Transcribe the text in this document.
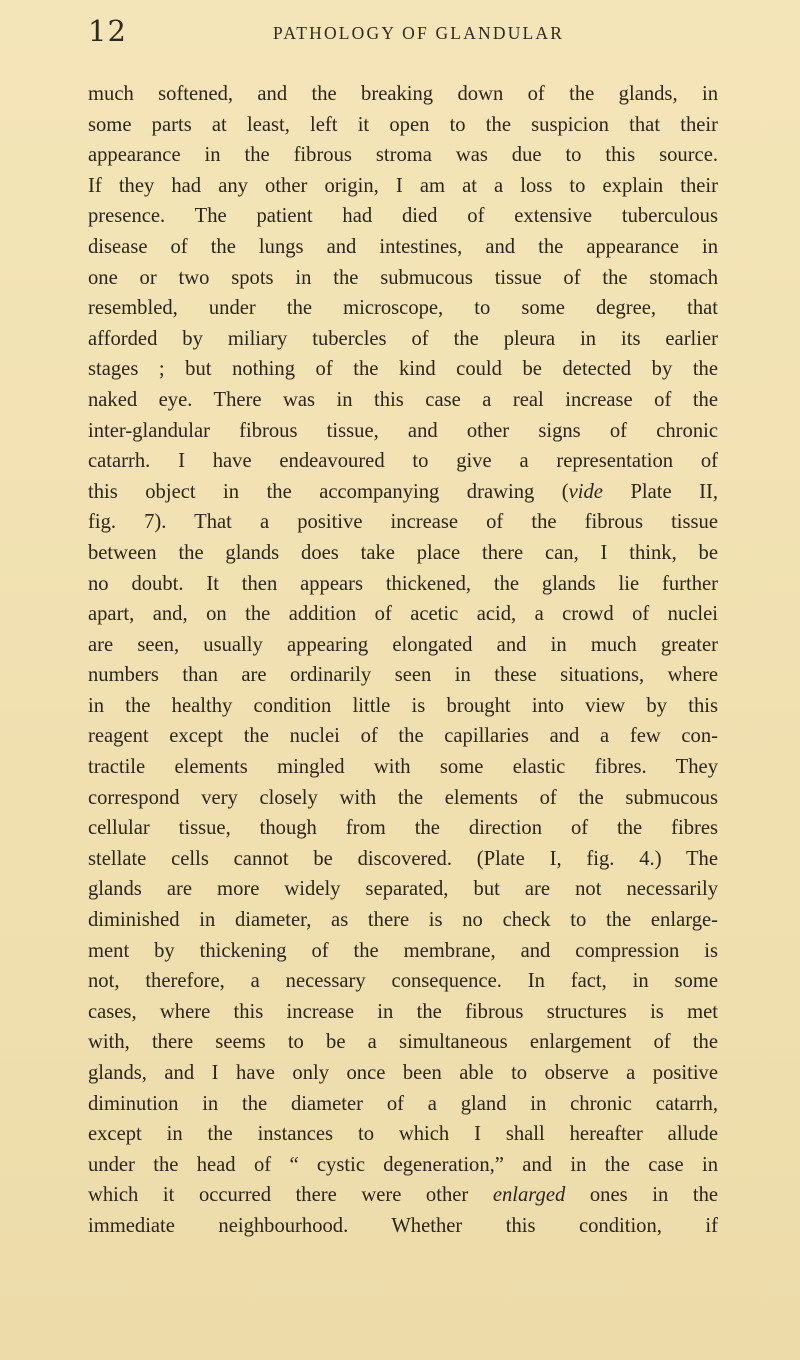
12	PATHOLOGY OF GLANDULAR
much softened, and the breaking down of the glands, in
some parts at least, left it open to the suspicion that their
appearance in the fibrous stroma was due to this source.
If they had any other origin, I am at a loss to explain their
presence. The patient had died of extensive tuberculous
disease of the lungs and intestines, and the appearance in
one or two spots in the submucous tissue of the stomach
resembled, under the microscope, to some degree, that
afforded by miliary tubercles of the pleura in its earlier
stages ; but nothing of the kind could be detected by the
naked eye. There was in this case a real increase of the
inter-glandular fibrous tissue, and other signs of chronic
catarrh. I have endeavoured to give a representation of
this object in the accompanying drawing (vide Plate II,
fig. 7). That a positive increase of the fibrous tissue
between the glands does take place there can, I think, be
no doubt. It then appears thickened, the glands lie further
apart, and, on the addition of acetic acid, a crowd of nuclei
are seen, usually appearing elongated and in much greater
numbers than are ordinarily seen in these situations, where
in the healthy condition little is brought into view by this
reagent except the nuclei of the capillaries and a few con-
tractile elements mingled with some elastic fibres. They
correspond very closely with the elements of the submucous
cellular tissue, though from the direction of the fibres
stellate cells cannot be discovered. (Plate I, fig. 4.) The
glands are more widely separated, but are not necessarily
diminished in diameter, as there is no check to the enlarge-
ment by thickening of the membrane, and compression is
not, therefore, a necessary consequence. In fact, in some
cases, where this increase in the fibrous structures is met
with, there seems to be a simultaneous enlargement of the
glands, and I have only once been able to observe a positive
diminution in the diameter of a gland in chronic catarrh,
except in the instances to which I shall hereafter allude
under the head of “ cystic degeneration,” and in the case in
which it occurred there were other enlarged ones in the
immediate neighbourhood. Whether this condition, if
